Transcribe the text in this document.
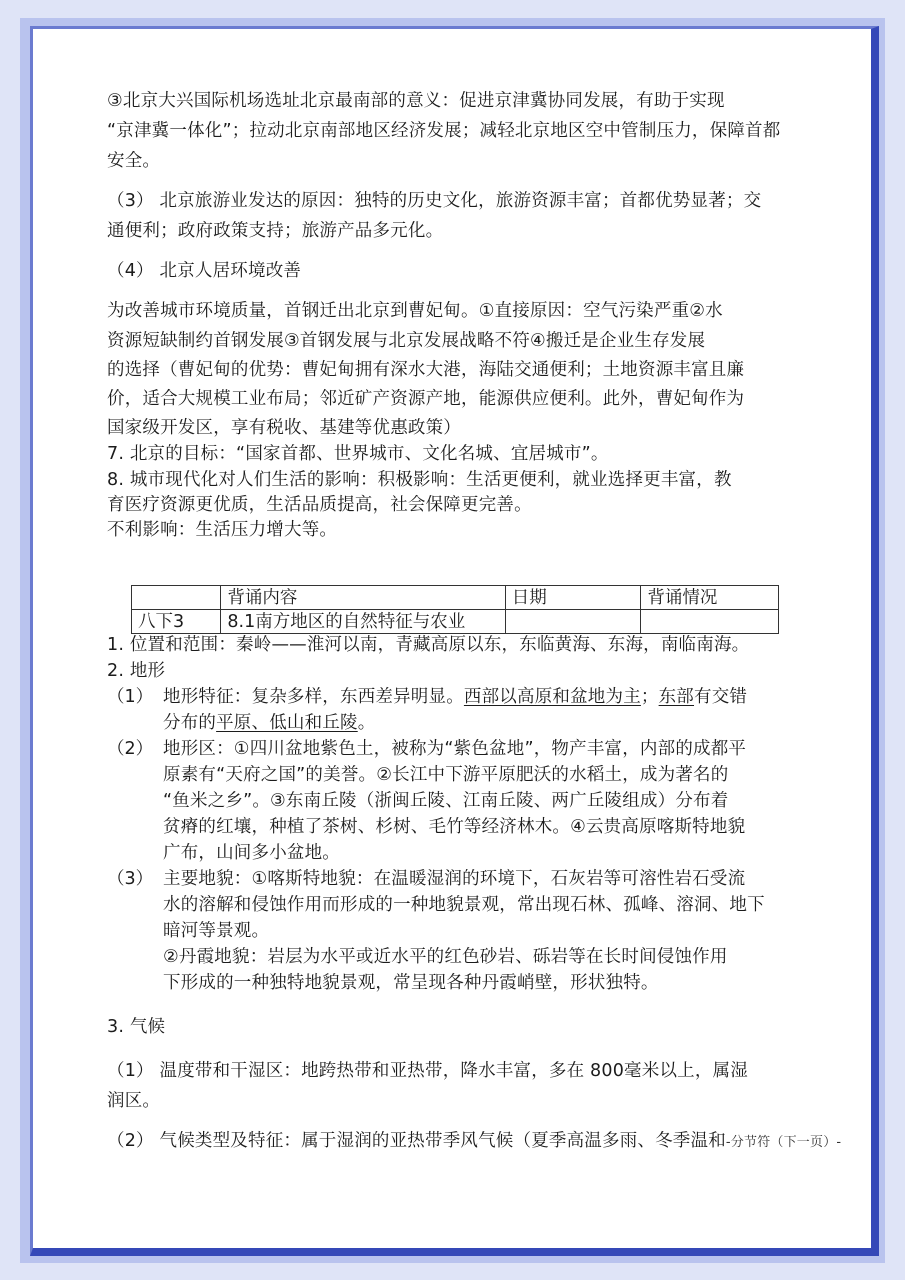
③北京大兴国际机场选址北京最南部的意义：促进京津冀协同发展，有助于实现
“京津冀一体化”；拉动北京南部地区经济发展；减轻北京地区空中管制压力，保障首都
安全。
（3） 北京旅游业发达的原因：独特的历史文化，旅游资源丰富；首都优势显著；交
通便利；政府政策支持；旅游产品多元化。
（4） 北京人居环境改善
为改善城市环境质量，首钢迁出北京到曹妃甸。①直接原因：空气污染严重②水
资源短缺制约首钢发展③首钢发展与北京发展战略不符④搬迁是企业生存发展
的选择（曹妃甸的优势：曹妃甸拥有深水大港，海陆交通便利；土地资源丰富且廉
价，适合大规模工业布局；邻近矿产资源产地，能源供应便利。此外，曹妃甸作为
国家级开发区，享有税收、基建等优惠政策）
7. 北京的目标：“国家首都、世界城市、文化名城、宜居城市”。
8. 城市现代化对人们生活的影响：积极影响：生活更便利，就业选择更丰富，教
育医疗资源更优质，生活品质提高，社会保障更完善。
不利影响：生活压力增大等。
	背诵内容	日期	背诵情况
八下3	8.1南方地区的自然特征与农业		
1. 位置和范围：秦岭——淮河以南，青藏高原以东，东临黄海、东海，南临南海。
2. 地形
（1） 地形特征：复杂多样，东西差异明显。西部以高原和盆地为主；东部有交错
分布的平原、低山和丘陵。
（2） 地形区：①四川盆地紫色土，被称为“紫色盆地”，物产丰富，内部的成都平
原素有“天府之国”的美誉。②长江中下游平原肥沃的水稻土，成为著名的
“鱼米之乡”。③东南丘陵（浙闽丘陵、江南丘陵、两广丘陵组成）分布着
贫瘠的红壤，种植了茶树、杉树、毛竹等经济林木。④云贵高原喀斯特地貌
广布，山间多小盆地。
（3） 主要地貌：①喀斯特地貌：在温暖湿润的环境下，石灰岩等可溶性岩石受流
水的溶解和侵蚀作用而形成的一种地貌景观，常出现石林、孤峰、溶洞、地下
暗河等景观。
②丹霞地貌：岩层为水平或近水平的红色砂岩、砾岩等在长时间侵蚀作用
下形成的一种独特地貌景观，常呈现各种丹霞峭壁，形状独特。
3. 气候
（1） 温度带和干湿区：地跨热带和亚热带，降水丰富，多在 800毫米以上，属湿
润区。
（2） 气候类型及特征：属于湿润的亚热带季风气候（夏季高温多雨、冬季温和-分节符（下一页）-
